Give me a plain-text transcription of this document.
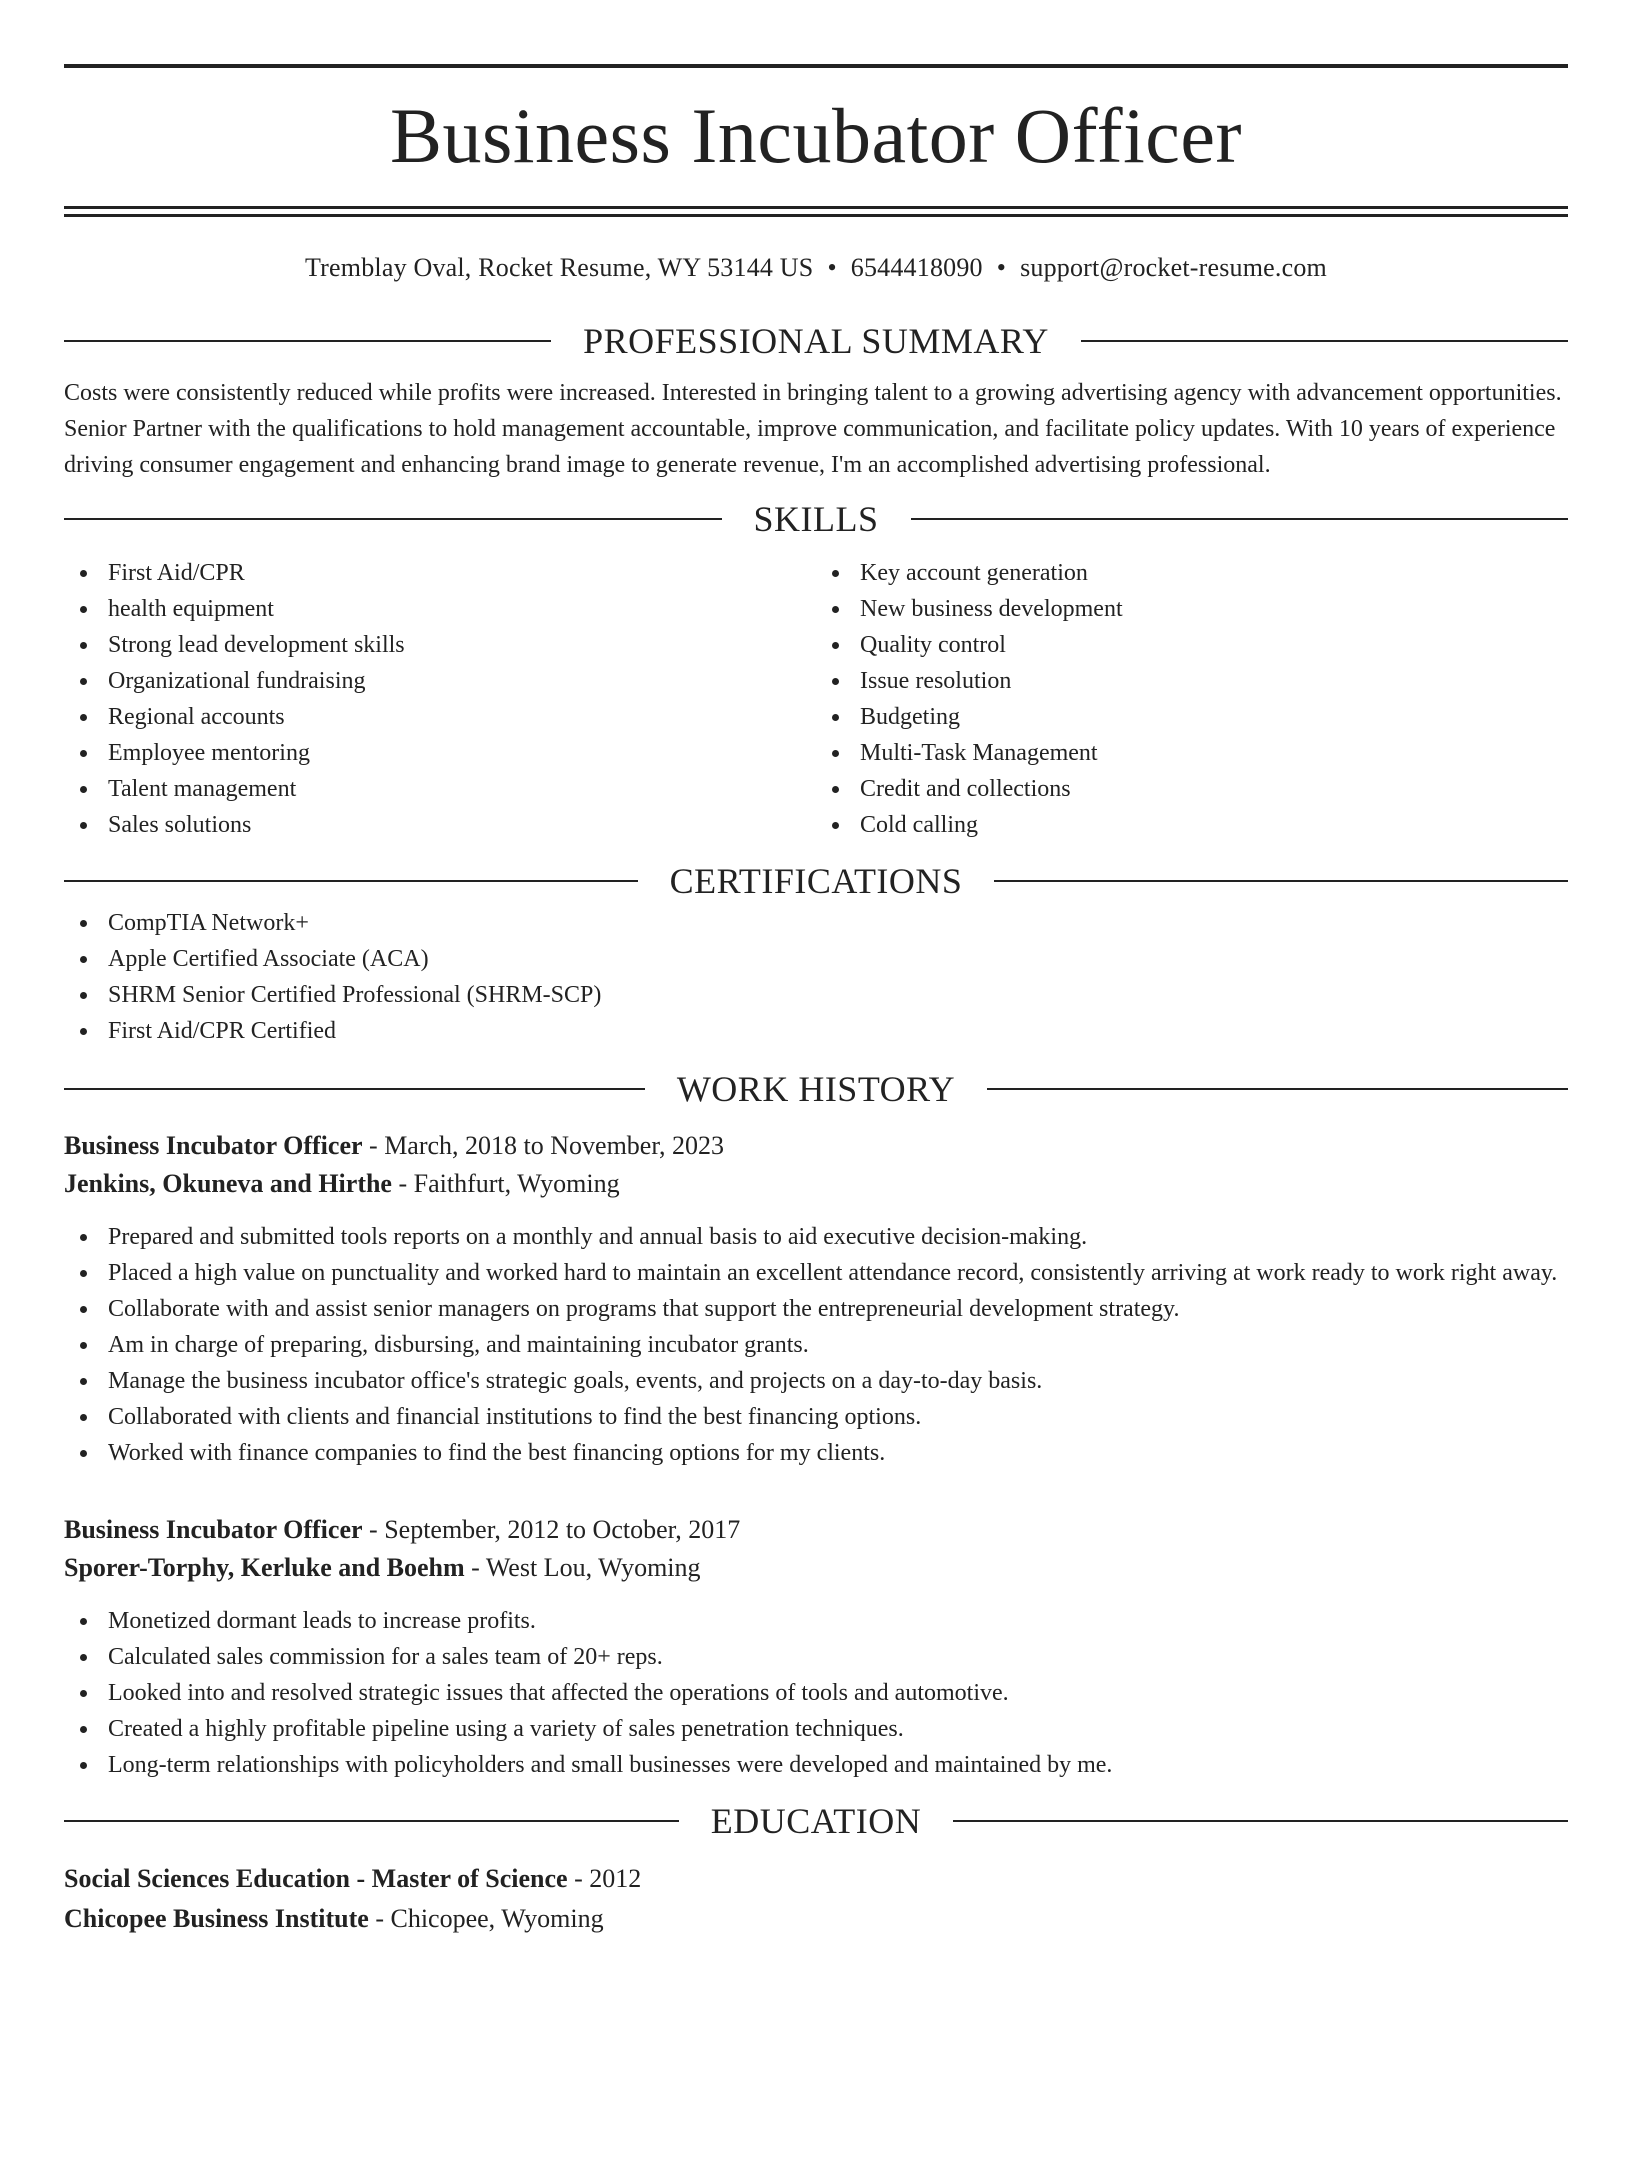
Business Incubator Officer
Tremblay Oval, Rocket Resume, WY 53144 US • 6544418090 • support@rocket-resume.com
PROFESSIONAL SUMMARY
Costs were consistently reduced while profits were increased. Interested in bringing talent to a growing advertising agency with advancement opportunities. Senior Partner with the qualifications to hold management accountable, improve communication, and facilitate policy updates. With 10 years of experience driving consumer engagement and enhancing brand image to generate revenue, I'm an accomplished advertising professional.
SKILLS
First Aid/CPR
health equipment
Strong lead development skills
Organizational fundraising
Regional accounts
Employee mentoring
Talent management
Sales solutions
Key account generation
New business development
Quality control
Issue resolution
Budgeting
Multi-Task Management
Credit and collections
Cold calling
CERTIFICATIONS
CompTIA Network+
Apple Certified Associate (ACA)
SHRM Senior Certified Professional (SHRM-SCP)
First Aid/CPR Certified
WORK HISTORY
Business Incubator Officer - March, 2018 to November, 2023
Jenkins, Okuneva and Hirthe - Faithfurt, Wyoming
Prepared and submitted tools reports on a monthly and annual basis to aid executive decision-making.
Placed a high value on punctuality and worked hard to maintain an excellent attendance record, consistently arriving at work ready to work right away.
Collaborate with and assist senior managers on programs that support the entrepreneurial development strategy.
Am in charge of preparing, disbursing, and maintaining incubator grants.
Manage the business incubator office's strategic goals, events, and projects on a day-to-day basis.
Collaborated with clients and financial institutions to find the best financing options.
Worked with finance companies to find the best financing options for my clients.
Business Incubator Officer - September, 2012 to October, 2017
Sporer-Torphy, Kerluke and Boehm - West Lou, Wyoming
Monetized dormant leads to increase profits.
Calculated sales commission for a sales team of 20+ reps.
Looked into and resolved strategic issues that affected the operations of tools and automotive.
Created a highly profitable pipeline using a variety of sales penetration techniques.
Long-term relationships with policyholders and small businesses were developed and maintained by me.
EDUCATION
Social Sciences Education - Master of Science - 2012
Chicopee Business Institute - Chicopee, Wyoming
